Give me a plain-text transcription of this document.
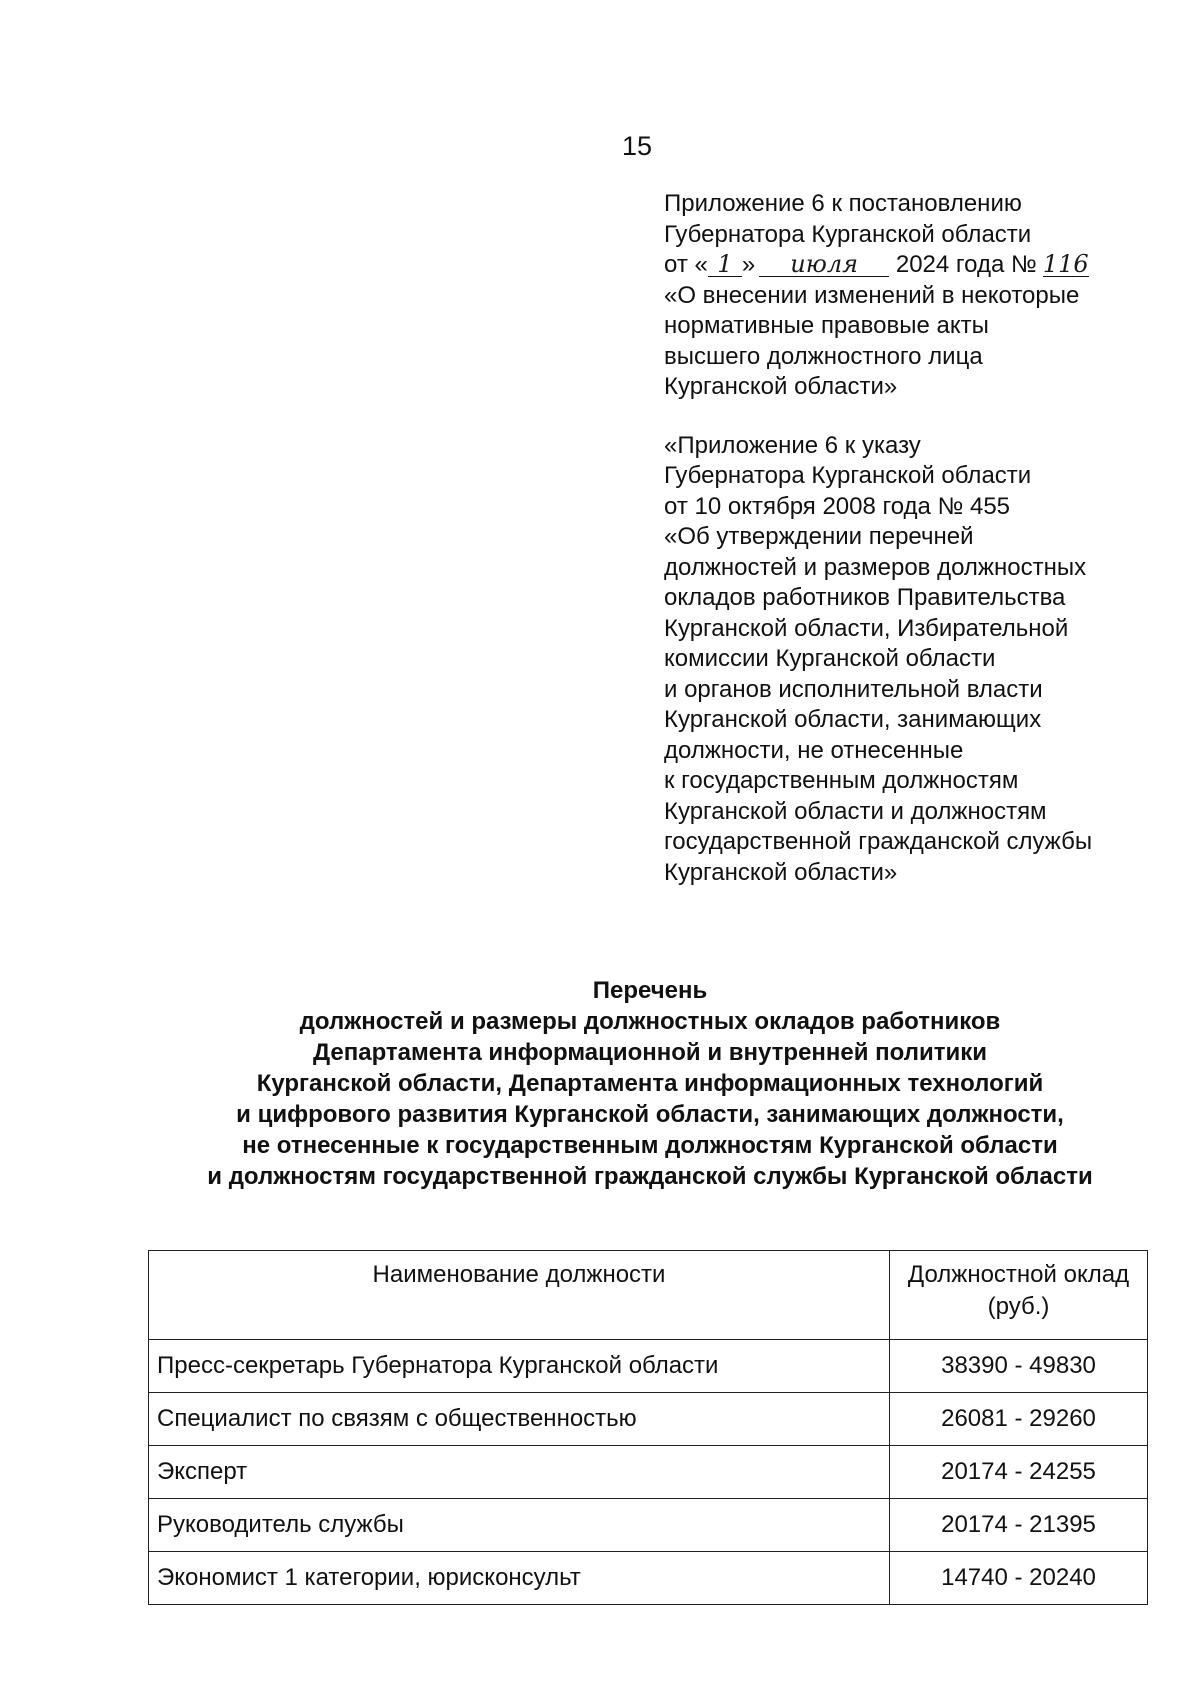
15
Приложение 6 к постановлению
Губернатора Курганской области
от « 1 » июля 2024 года № 116
«О внесении изменений в некоторые
нормативные правовые акты
высшего должностного лица
Курганской области»
«Приложение 6 к указу
Губернатора Курганской области
от 10 октября 2008 года № 455
«Об утверждении перечней
должностей и размеров должностных
окладов работников Правительства
Курганской области, Избирательной
комиссии Курганской области
и органов исполнительной власти
Курганской области, занимающих
должности, не отнесенные
к государственным должностям
Курганской области и должностям
государственной гражданской службы
Курганской области»
Перечень
должностей и размеры должностных окладов работников
Департамента информационной и внутренней политики
Курганской области, Департамента информационных технологий
и цифрового развития Курганской области, занимающих должности,
не отнесенные к государственным должностям Курганской области
и должностям государственной гражданской службы Курганской области
Наименование должности	Должностной оклад
(руб.)
Пресс-секретарь Губернатора Курганской области	38390 - 49830
Специалист по связям с общественностью	26081 - 29260
Эксперт	20174 - 24255
Руководитель службы	20174 - 21395
Экономист 1 категории, юрисконсульт	14740 - 20240
